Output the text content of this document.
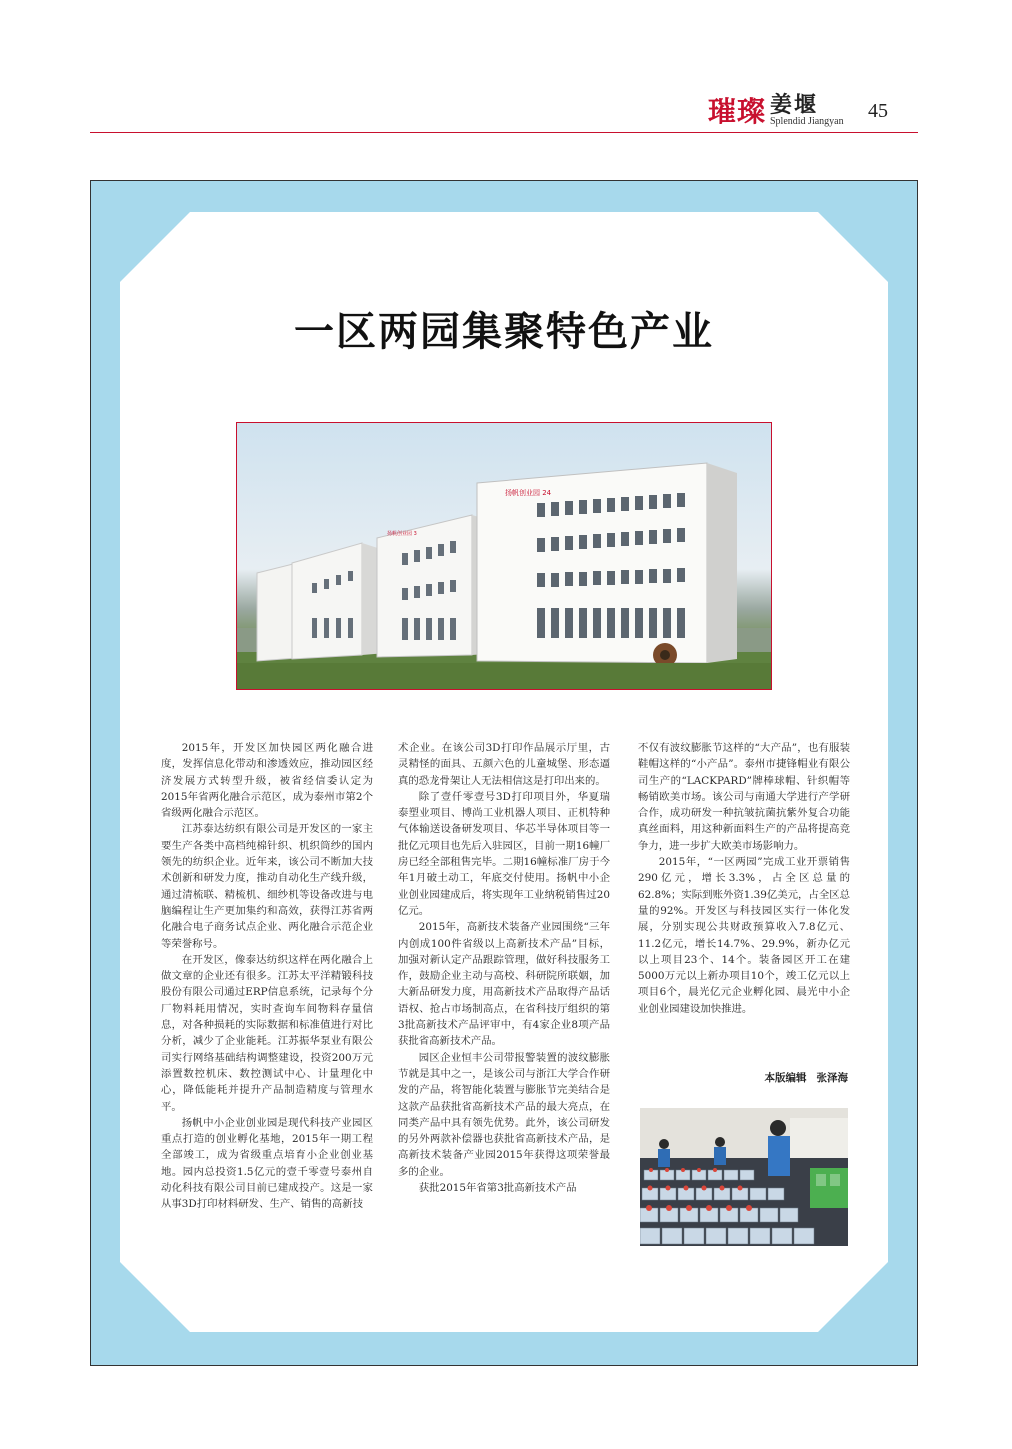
璀璨 姜堰
Splendid Jiangyan 45
一区两园集聚特色产业
扬帆创业园 24
扬帆创业园 3

2015年，开发区加快园区两化融合进度，发挥信息化带动和渗透效应，推动园区经济发展方式转型升级，被省经信委认定为2015年省两化融合示范区，成为泰州市第2个省级两化融合示范区。

江苏泰达纺织有限公司是开发区的一家主要生产各类中高档纯棉针织、机织筒纱的国内领先的纺织企业。近年来，该公司不断加大技术创新和研发力度，推动自动化生产线升级，通过清梳联、精梳机、细纱机等设备改进与电脑编程让生产更加集约和高效，获得江苏省两化融合电子商务试点企业、两化融合示范企业等荣誉称号。

在开发区，像泰达纺织这样在两化融合上做文章的企业还有很多。江苏太平洋精锻科技股份有限公司通过ERP信息系统，记录每个分厂物料耗用情况，实时查询车间物料存量信息，对各种损耗的实际数据和标准值进行对比分析，减少了企业能耗。江苏振华泵业有限公司实行网络基础结构调整建设，投资200万元添置数控机床、数控测试中心、计量理化中心，降低能耗并提升产品制造精度与管理水平。

扬帆中小企业创业园是现代科技产业园区重点打造的创业孵化基地，2015年一期工程全部竣工，成为省级重点培育小企业创业基地。园内总投资1.5亿元的壹千零壹号泰州自动化科技有限公司目前已建成投产。这是一家从事3D打印材料研发、生产、销售的高新技

术企业。在该公司3D打印作品展示厅里，古灵精怪的面具、五颜六色的儿童城堡、形态逼真的恐龙骨架让人无法相信这是打印出来的。

除了壹仟零壹号3D打印项目外，华夏瑞泰塑业项目、博尚工业机器人项目、正机特种气体输送设备研发项目、华芯半导体项目等一批亿元项目也先后入驻园区，目前一期16幢厂房已经全部租售完毕。二期16幢标准厂房于今年1月破土动工，年底交付使用。扬帆中小企业创业园建成后，将实现年工业纳税销售过20亿元。

2015年，高新技术装备产业园围绕“三年内创成100件省级以上高新技术产品”目标，加强对新认定产品跟踪管理，做好科技服务工作，鼓励企业主动与高校、科研院所联姻，加大新品研发力度，用高新技术产品取得产品话语权、抢占市场制高点，在省科技厅组织的第3批高新技术产品评审中，有4家企业8项产品获批省高新技术产品。

园区企业恒丰公司带报警装置的波纹膨胀节就是其中之一，是该公司与浙江大学合作研发的产品，将智能化装置与膨胀节完美结合是这款产品获批省高新技术产品的最大亮点，在同类产品中具有领先优势。此外，该公司研发的另外两款补偿器也获批省高新技术产品，是高新技术装备产业园2015年获得这项荣誉最多的企业。

获批2015年省第3批高新技术产品

不仅有波纹膨胀节这样的“大产品”，也有服装鞋帽这样的“小产品”。泰州市捷锋帽业有限公司生产的“LACKPARD”牌棒球帽、针织帽等畅销欧美市场。该公司与南通大学进行产学研合作，成功研发一种抗皱抗菌抗紫外复合功能真丝面料，用这种新面料生产的产品将提高竞争力，进一步扩大欧美市场影响力。

2015年，“一区两园”完成工业开票销售290亿元，增长3.3%，占全区总量的62.8%；实际到账外资1.39亿美元，占全区总量的92%。开发区与科技园区实行一体化发展，分别实现公共财政预算收入7.8亿元、11.2亿元，增长14.7%、29.9%，新办亿元以上项目23个、14个。装备园区开工在建5000万元以上新办项目10个，竣工亿元以上项目6个，晨光亿元企业孵化园、晨光中小企业创业园建设加快推进。

本版编辑 张泽海
